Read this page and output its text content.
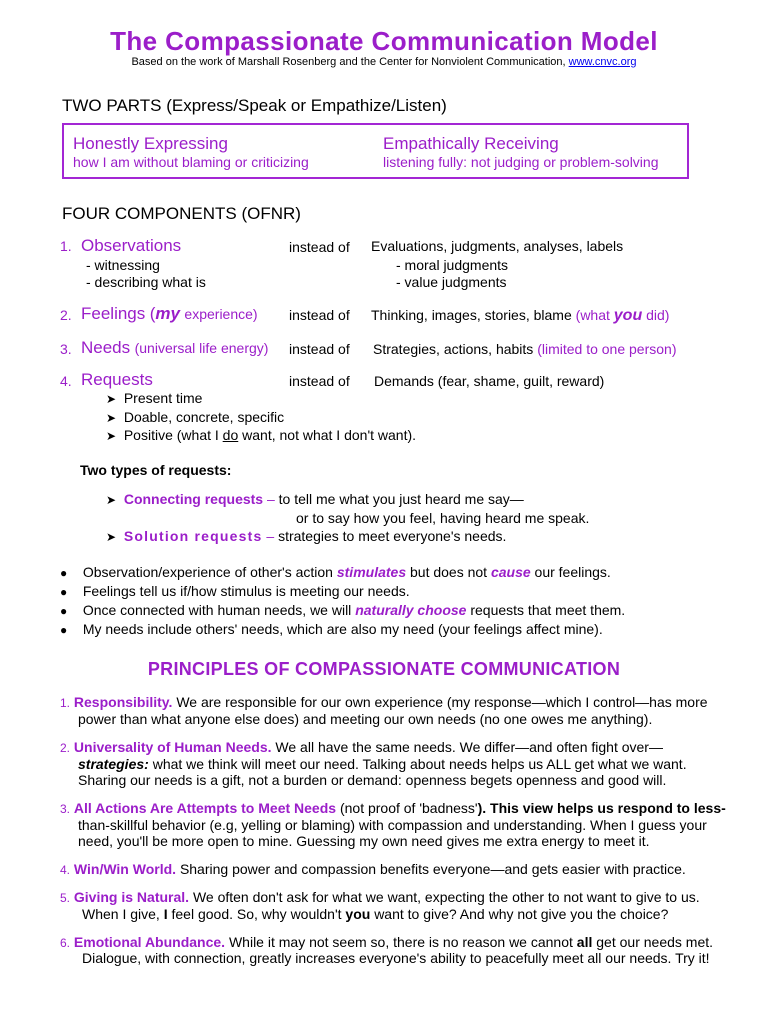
The Compassionate Communication Model
Based on the work of Marshall Rosenberg and the Center for Nonviolent Communication, www.cnvc.org
TWO PARTS (Express/Speak or Empathize/Listen)
Honestly Expressing
how I am without blaming or criticizing
Empathically Receiving
listening fully: not judging or problem-solving
FOUR COMPONENTS (OFNR)
1. Observations	instead of Evaluations, judgments, analyses, labels
- witnessing
- describing what is
- moral judgments
- value judgments
2. Feelings (my experience) instead of Thinking, images, stories, blame (what you did)
3. Needs (universal life energy) instead of Strategies, actions, habits (limited to one person)
4. Requests	instead of Demands (fear, shame, guilt, reward)
➤ Present time
➤ Doable, concrete, specific
➤ Positive (what I do want, not what I don't want).
Two types of requests:
➤ Connecting requests – to tell me what you just heard me say—
or to say how you feel, having heard me speak.
➤ Solution requests – strategies to meet everyone's needs.
● Observation/experience of other's action stimulates but does not cause our feelings.
● Feelings tell us if/how stimulus is meeting our needs.
● Once connected with human needs, we will naturally choose requests that meet them.
● My needs include others' needs, which are also my need (your feelings affect mine).
PRINCIPLES OF COMPASSIONATE COMMUNICATION
1. Responsibility. We are responsible for our own experience (my response—which I control—has more
power than what anyone else does) and meeting our own needs (no one owes me anything).
2. Universality of Human Needs. We all have the same needs. We differ—and often fight over—
strategies: what we think will meet our need. Talking about needs helps us ALL get what we want.
Sharing our needs is a gift, not a burden or demand: openness begets openness and good will.
3. All Actions Are Attempts to Meet Needs (not proof of 'badness'). This view helps us respond to less-
than-skillful behavior (e.g, yelling or blaming) with compassion and understanding. When I guess your
need, you'll be more open to mine. Guessing my own need gives me extra energy to meet it.
4. Win/Win World. Sharing power and compassion benefits everyone—and gets easier with practice.
5. Giving is Natural. We often don't ask for what we want, expecting the other to not want to give to us.
When I give, I feel good. So, why wouldn't you want to give? And why not give you the choice?
6. Emotional Abundance. While it may not seem so, there is no reason we cannot all get our needs met.
Dialogue, with connection, greatly increases everyone's ability to peacefully meet all our needs. Try it!
